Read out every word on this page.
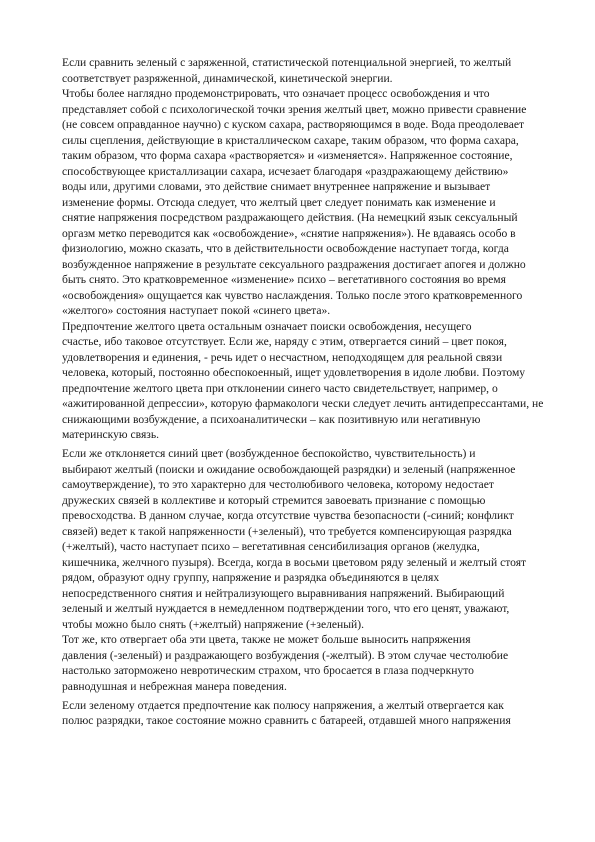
Если сравнить зеленый с заряженной, статистической потенциальной энергией, то желтый
соответствует разряженной, динамической, кинетической энергии.
Чтобы более наглядно продемонстрировать, что означает процесс освобождения и что
представляет собой с психологической точки зрения желтый цвет, можно привести сравнение
(не совсем оправданное научно) с куском сахара, растворяющимся в воде. Вода преодолевает
силы сцепления, действующие в кристаллическом сахаре, таким образом, что форма сахара,
таким образом, что форма сахара «растворяется» и «изменяется». Напряженное состояние,
способствующее кристаллизации сахара, исчезает благодаря «раздражающему действию»
воды или, другими словами, это действие снимает внутреннее напряжение и вызывает
изменение формы. Отсюда следует, что желтый цвет следует понимать как изменение и
снятие напряжения посредством раздражающего действия. (На немецкий язык сексуальный
оргазм метко переводится как «освобождение», «снятие напряжения»). Не вдаваясь особо в
физиологию, можно сказать, что в действительности освобождение наступает тогда, когда
возбужденное напряжение в результате сексуального раздражения достигает апогея и должно
быть снято. Это кратковременное «изменение» психо – вегетативного состояния во время
«освобождения» ощущается как чувство наслаждения. Только после этого кратковременного
«желтого» состояния наступает покой «синего цвета».
Предпочтение желтого цвета остальным означает поиски освобождения, несущего
счастье, ибо таковое отсутствует. Если же, наряду с этим, отвергается синий – цвет покоя,
удовлетворения и единения, - речь идет о несчастном, неподходящем для реальной связи
человека, который, постоянно обеспокоенный, ищет удовлетворения в идоле любви. Поэтому
предпочтение желтого цвета при отклонении синего часто свидетельствует, например, о
«ажитированной депрессии», которую фармакологи чески следует лечить антидепрессантами, не
снижающими возбуждение, а психоаналитически – как позитивную или негативную
материнскую связь.
Если же отклоняется синий цвет (возбужденное беспокойство, чувствительность) и
выбирают желтый (поиски и ожидание освобождающей разрядки) и зеленый (напряженное
самоутверждение), то это характерно для честолюбивого человека, которому недостает
дружеских связей в коллективе и который стремится завоевать признание с помощью
превосходства. В данном случае, когда отсутствие чувства безопасности (-синий; конфликт
связей) ведет к такой напряженности (+зеленый), что требуется компенсирующая разрядка
(+желтый), часто наступает психо – вегетативная сенсибилизация органов (желудка,
кишечника, желчного пузыря). Всегда, когда в восьми цветовом ряду зеленый и желтый стоят
рядом, образуют одну группу, напряжение и разрядка объединяются в целях
непосредственного снятия и нейтрализующего выравнивания напряжений. Выбирающий
зеленый и желтый нуждается в немедленном подтверждении того, что его ценят, уважают,
чтобы можно было снять (+желтый) напряжение (+зеленый).
Тот же, кто отвергает оба эти цвета, также не может больше выносить напряжения
давления (-зеленый) и раздражающего возбуждения (-желтый). В этом случае честолюбие
настолько заторможено невротическим страхом, что бросается в глаза подчеркнуто
равнодушная и небрежная манера поведения.
Если зеленому отдается предпочтение как полюсу напряжения, а желтый отвергается как
полюс разрядки, такое состояние можно сравнить с батареей, отдавшей много напряжения
